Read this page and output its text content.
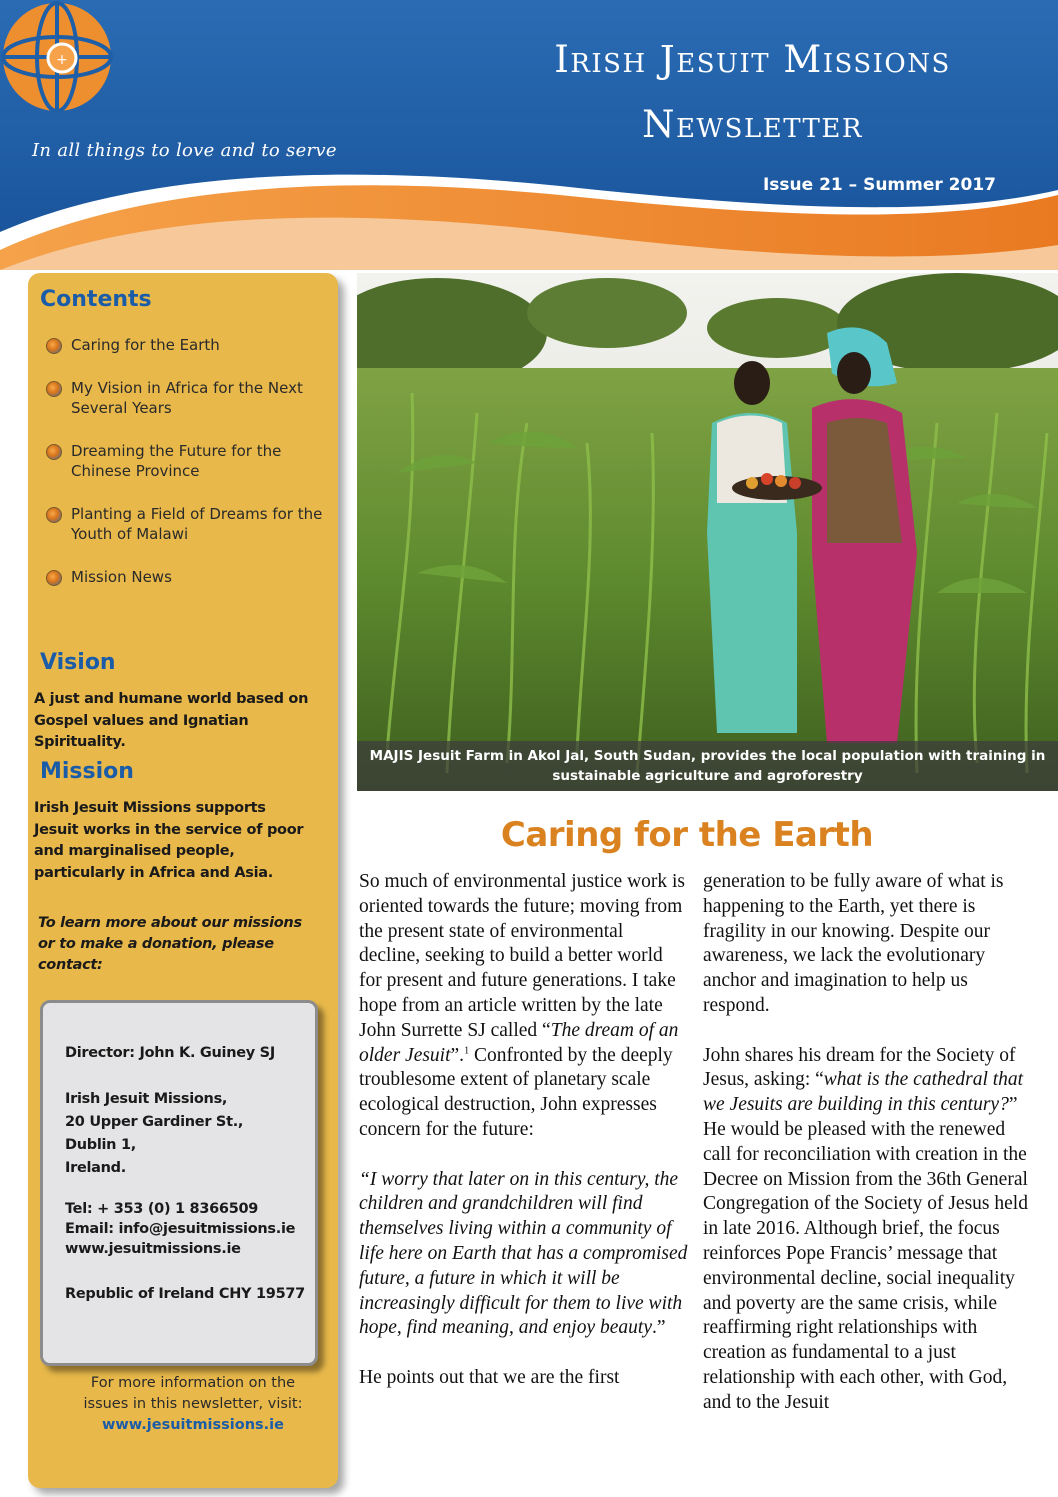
+
In all things to love and to serve
Irish Jesuit Missions
Newsletter
Issue 21 – Summer 2017
Contents
Caring for the Earth
My Vision in Africa for the Next Several Years
Dreaming the Future for the Chinese Province
Planting a Field of Dreams for the Youth of Malawi
Mission News
Vision
A just and humane world based on Gospel values and Ignatian Spirituality.
Mission
Irish Jesuit Missions supports Jesuit works in the service of poor and marginalised people, particularly in Africa and Asia.
To learn more about our missions or to make a donation, please contact:

Director: John K. Guiney SJ

Irish Jesuit Missions,

20 Upper Gardiner St.,

Dublin 1,

Ireland.

Tel: + 353 (0) 1 8366509

Email: info@jesuitmissions.ie

www.jesuitmissions.ie

Republic of Ireland CHY 19577

For more information on the issues in this newsletter, visit:
www.jesuitmissions.ie
MAJIS Jesuit Farm in Akol Jal, South Sudan, provides the local population with training in sustainable agriculture and agroforestry
Caring for the Earth

So much of environmental justice work is oriented towards the future; moving from the present state of environmental decline, seeking to build a better world for present and future generations. I take hope from an article written by the late John Surrette SJ called “The dream of an older Jesuit”.$^1$ Confronted by the deeply troublesome extent of planetary scale ecological destruction, John expresses concern for the future:

“I worry that later on in this century, the children and grandchildren will find themselves living within a community of life here on Earth that has a compromised future, a future in which it will be increasingly difficult for them to live with hope, find meaning, and enjoy beauty.”

He points out that we are the first

generation to be fully aware of what is happening to the Earth, yet there is fragility in our knowing. Despite our awareness, we lack the evolutionary anchor and imagination to help us respond.

John shares his dream for the Society of Jesus, asking: “what is the cathedral that we Jesuits are building in this century?” He would be pleased with the renewed call for reconciliation with creation in the Decree on Mission from the 36th General Congregation of the Society of Jesus held in late 2016. Although brief, the focus reinforces Pope Francis’ message that environmental decline, social inequality and poverty are the same crisis, while reaffirming right relationships with creation as fundamental to a just relationship with each other, with God, and to the Jesuit
